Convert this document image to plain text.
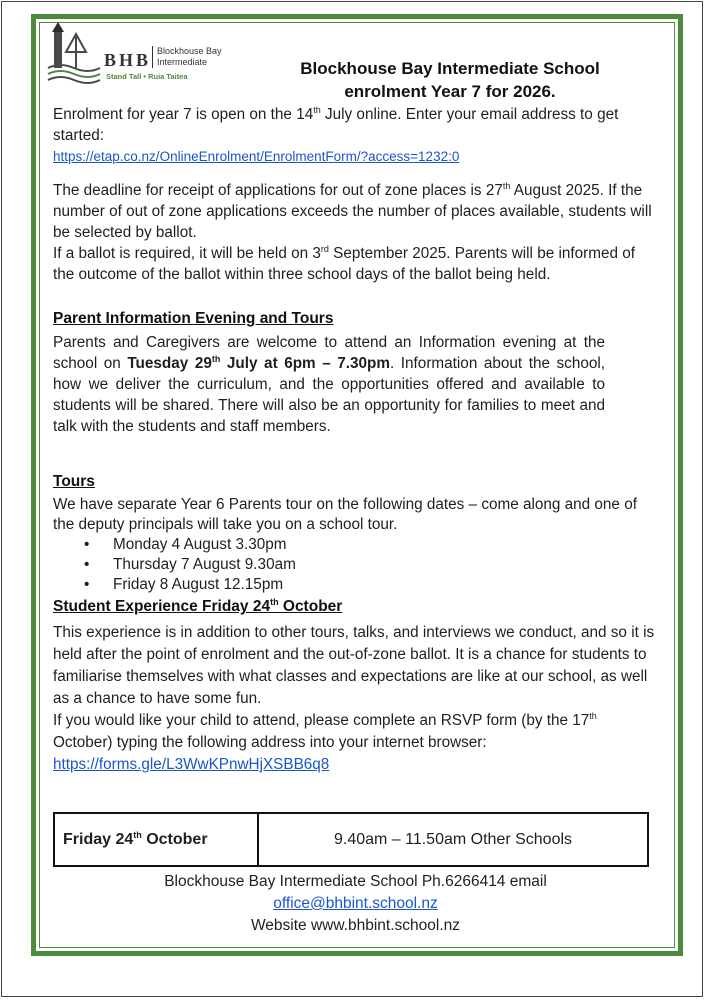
BHB Blockhouse Bay
Intermediate
Stand Tall • Ruia Taitea	Blockhouse Bay Intermediate School
enrolment Year 7 for 2026.

Enrolment for year 7 is open on the 14th July online. Enter your email address to get started:

https://etap.co.nz/OnlineEnrolment/EnrolmentForm/?access=1232:0

The deadline for receipt of applications for out of zone places is 27th August 2025. If the number of out of zone applications exceeds the number of places available, students will be selected by ballot.

If a ballot is required, it will be held on 3rd September 2025. Parents will be informed of the outcome of the ballot within three school days of the ballot being held.

Parent Information Evening and Tours

Parents and Caregivers are welcome to attend an Information evening at the school on Tuesday 29th July at 6pm – 7.30pm. Information about the school, how we deliver the curriculum, and the opportunities offered and available to students will be shared. There will also be an opportunity for families to meet and talk with the students and staff members.

Tours

We have separate Year 6 Parents tour on the following dates – come along and one of the deputy principals will take you on a school tour.

• Monday 4 August 3.30pm
• Thursday 7 August 9.30am
• Friday 8 August 12.15pm
Student Experience Friday 24th October

This experience is in addition to other tours, talks, and interviews we conduct, and so it is held after the point of enrolment and the out-of-zone ballot. It is a chance for students to familiarise themselves with what classes and expectations are like at our school, as well as a chance to have some fun.

If you would like your child to attend, please complete an RSVP form (by the 17th October) typing the following address into your internet browser:

https://forms.gle/L3WwKPnwHjXSBB6q8

Friday 24th October	9.40am – 11.50am Other Schools
Blockhouse Bay Intermediate School Ph.6266414 email
office@bhbint.school.nz
Website www.bhbint.school.nz
